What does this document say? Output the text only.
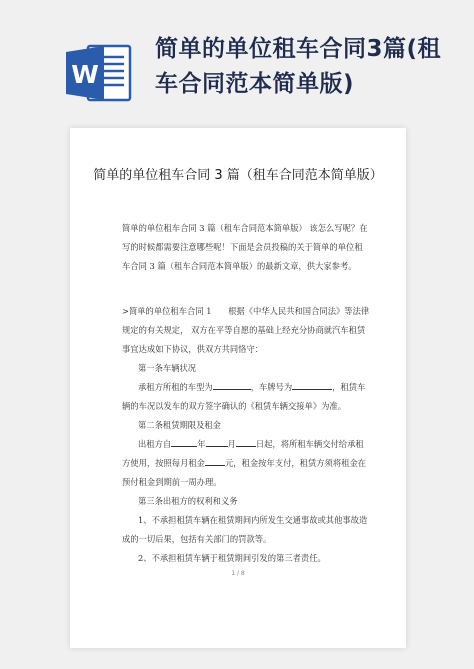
W
简单的单位租车合同3篇(租车合同范本简单版)
简单的单位租车合同 3 篇（租车合同范本简单版）

简单的单位租车合同 3 篇（租车合同范本简单版） 该怎么写呢？在写的时候都需要注意哪些呢！下面是会员投稿的关于简单的单位租车合同 3 篇（租车合同范本简单版）的最新文章，供大家参考。

>简单的单位租车合同 1　　根据《中华人民共和国合同法》等法律规定的有关规定， 双方在平等自愿的基础上经充分协商就汽车租赁事宜达成如下协议，供双方共同恪守：
第一条车辆状况
承租方所租的车型为	，车牌号为	，租赁车辆的车况以发车的双方签字确认的《租赁车辆交接单》为准。
第二条租赁期限及租金
出租方自	年	月 日起，将所租车辆交付给承租方使用，按照每月租金 元，租金按年支付，租赁方须将租金在预付租金到期前一周办理。
第三条出租方的权利和义务
1、不承担租赁车辆在租赁期间内所发生交通事故或其他事故造成的一切后果，包括有关部门的罚款等。
2、不承担租赁车辆于租赁期间引发的第三者责任。
1 / 8
